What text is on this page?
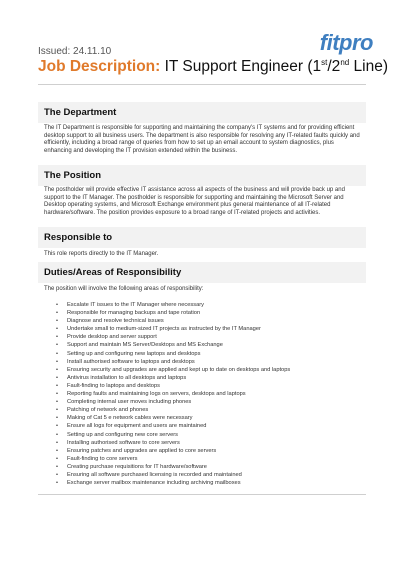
fitpro
Issued: 24.11.10
Job Description: IT Support Engineer (1st/2nd Line)
The Department
The IT Department is responsible for supporting and maintaining the company's IT systems and for providing efficient desktop support to all business users. The department is also responsible for resolving any IT-related faults quickly and efficiently, including a broad range of queries from how to set up an email account to system diagnostics, plus enhancing and developing the IT provision extended within the business.
The Position
The postholder will provide effective IT assistance across all aspects of the business and will provide back up and support to the IT Manager. The postholder is responsible for supporting and maintaining the Microsoft Server and Desktop operating systems, and Microsoft Exchange environment plus general maintenance of all IT-related hardware/software. The position provides exposure to a broad range of IT-related projects and activities.
Responsible to
This role reports directly to the IT Manager.
Duties/Areas of Responsibility
The position will involve the following areas of responsibility:
• Escalate IT issues to the IT Manager where necessary
• Responsible for managing backups and tape rotation
• Diagnose and resolve technical issues
• Undertake small to medium-sized IT projects as instructed by the IT Manager
• Provide desktop and server support
• Support and maintain MS Server/Desktops and MS Exchange
• Setting up and configuring new laptops and desktops
• Install authorised software to laptops and desktops
• Ensuring security and upgrades are applied and kept up to date on desktops and laptops
• Antivirus installation to all desktops and laptops
• Fault-finding to laptops and desktops
• Reporting faults and maintaining logs on servers, desktops and laptops
• Completing internal user moves including phones
• Patching of network and phones
• Making of Cat 5 e network cables were necessary
• Ensure all logs for equipment and users are maintained
• Setting up and configuring new core servers
• Installing authorised software to core servers
• Ensuring patches and upgrades are applied to core servers
• Fault-finding to core servers
• Creating purchase requisitions for IT hardware/software
• Ensuring all software purchased licensing is recorded and maintained
• Exchange server mailbox maintenance including archiving mailboxes
